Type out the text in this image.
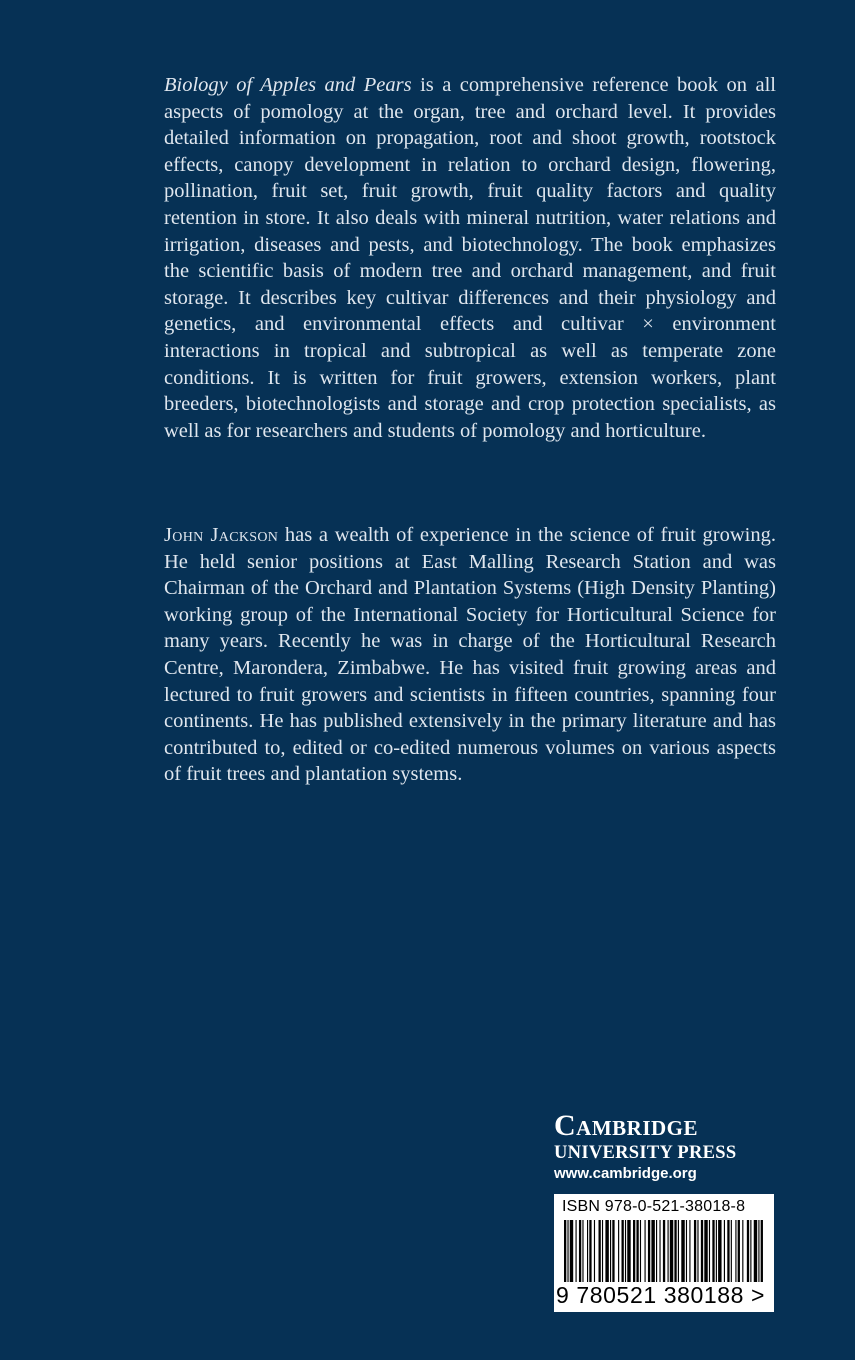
Biology of Apples and Pears is a comprehensive reference book on all aspects of pomology at the organ, tree and orchard level. It provides detailed information on propagation, root and shoot growth, rootstock effects, canopy development in relation to orchard design, flowering, pollination, fruit set, fruit growth, fruit quality factors and quality retention in store. It also deals with mineral nutrition, water relations and irrigation, diseases and pests, and biotechnology. The book emphasizes the scientific basis of modern tree and orchard management, and fruit storage. It describes key cultivar differences and their physiology and genetics, and environmental effects and cultivar × environment interactions in tropical and subtropical as well as temperate zone conditions. It is written for fruit growers, extension workers, plant breeders, biotechnologists and storage and crop protection specialists, as well as for researchers and students of pomology and horticulture.

John Jackson has a wealth of experience in the science of fruit growing. He held senior positions at East Malling Research Station and was Chairman of the Orchard and Plantation Systems (High Density Planting) working group of the International Society for Horticultural Science for many years. Recently he was in charge of the Horticultural Research Centre, Marondera, Zimbabwe. He has visited fruit growing areas and lectured to fruit growers and scientists in fifteen countries, spanning four continents. He has published extensively in the primary literature and has contributed to, edited or co-edited numerous volumes on various aspects of fruit trees and plantation systems.

Cambridge
UNIVERSITY PRESS
www.cambridge.org
ISBN 978-0-521-38018-8
9 780521 380188 >
